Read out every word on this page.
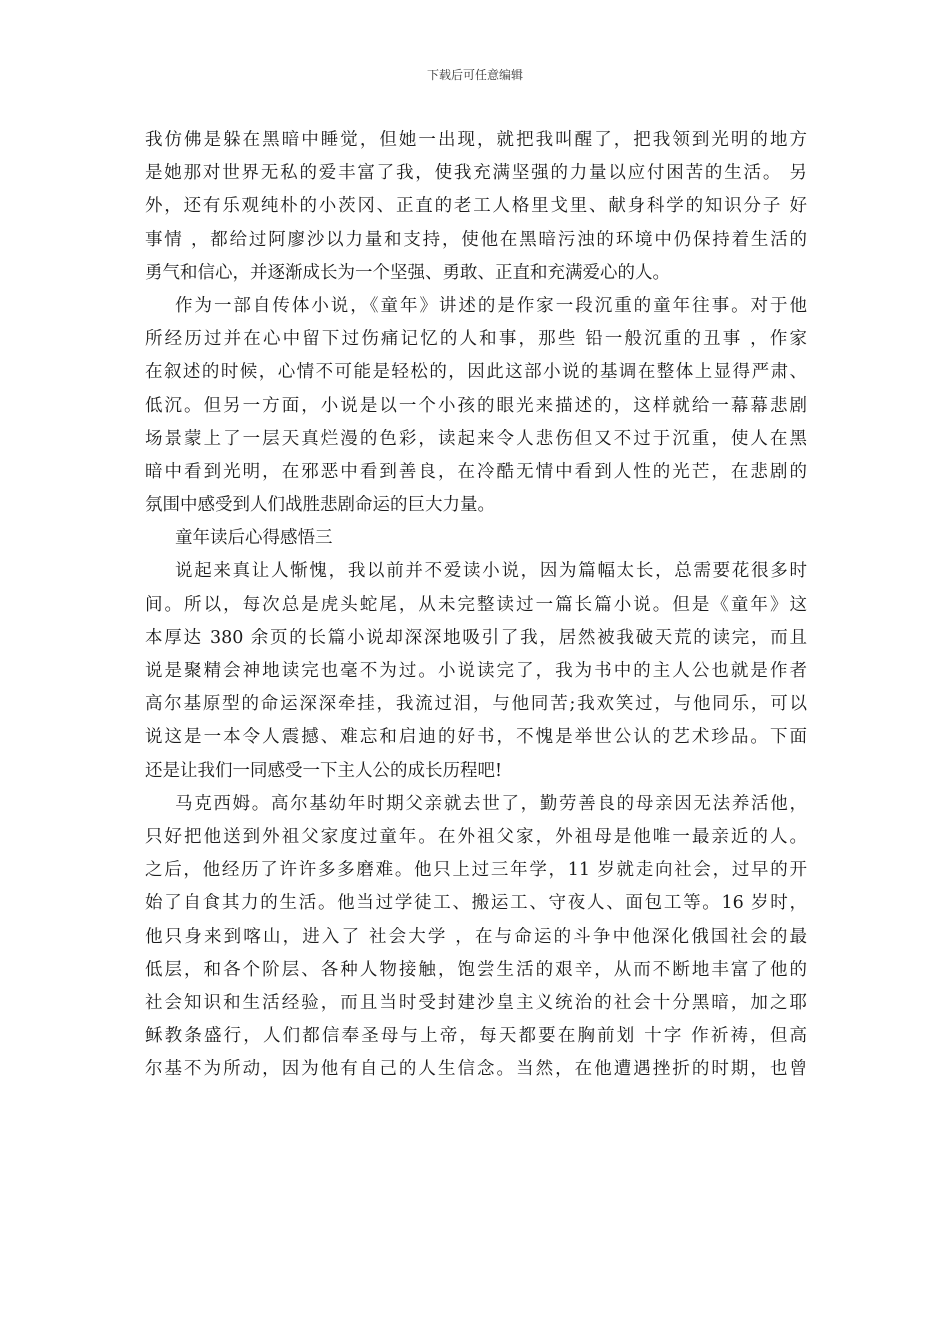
下载后可任意编辑
我仿佛是躲在黑暗中睡觉，但她一出现，就把我叫醒了，把我领到光明的地方
是她那对世界无私的爱丰富了我，使我充满坚强的力量以应付困苦的生活。 另
外，还有乐观纯朴的小茨冈、正直的老工人格里戈里、献身科学的知识分子 好
事情 ，都给过阿廖沙以力量和支持，使他在黑暗污浊的环境中仍保持着生活的
勇气和信心，并逐渐成长为一个坚强、勇敢、正直和充满爱心的人。
作为一部自传体小说，《童年》讲述的是作家一段沉重的童年往事。对于他
所经历过并在心中留下过伤痛记忆的人和事，那些 铅一般沉重的丑事 ，作家
在叙述的时候，心情不可能是轻松的，因此这部小说的基调在整体上显得严肃、
低沉。但另一方面，小说是以一个小孩的眼光来描述的，这样就给一幕幕悲剧
场景蒙上了一层天真烂漫的色彩，读起来令人悲伤但又不过于沉重，使人在黑
暗中看到光明，在邪恶中看到善良，在冷酷无情中看到人性的光芒，在悲剧的
氛围中感受到人们战胜悲剧命运的巨大力量。
童年读后心得感悟三
说起来真让人惭愧，我以前并不爱读小说，因为篇幅太长，总需要花很多时
间。所以，每次总是虎头蛇尾，从未完整读过一篇长篇小说。但是《童年》这
本厚达 380 余页的长篇小说却深深地吸引了我，居然被我破天荒的读完，而且
说是聚精会神地读完也毫不为过。小说读完了，我为书中的主人公也就是作者
高尔基原型的命运深深牵挂，我流过泪，与他同苦;我欢笑过，与他同乐，可以
说这是一本令人震撼、难忘和启迪的好书，不愧是举世公认的艺术珍品。下面
还是让我们一同感受一下主人公的成长历程吧!
马克西姆。高尔基幼年时期父亲就去世了，勤劳善良的母亲因无法养活他，
只好把他送到外祖父家度过童年。在外祖父家，外祖母是他唯一最亲近的人。
之后，他经历了许许多多磨难。他只上过三年学，11 岁就走向社会，过早的开
始了自食其力的生活。他当过学徒工、搬运工、守夜人、面包工等。16 岁时，
他只身来到喀山，进入了 社会大学 ，在与命运的斗争中他深化俄国社会的最
低层，和各个阶层、各种人物接触，饱尝生活的艰辛，从而不断地丰富了他的
社会知识和生活经验，而且当时受封建沙皇主义统治的社会十分黑暗，加之耶
稣教条盛行，人们都信奉圣母与上帝，每天都要在胸前划 十字 作祈祷，但高
尔基不为所动，因为他有自己的人生信念。当然，在他遭遇挫折的时期，也曾
